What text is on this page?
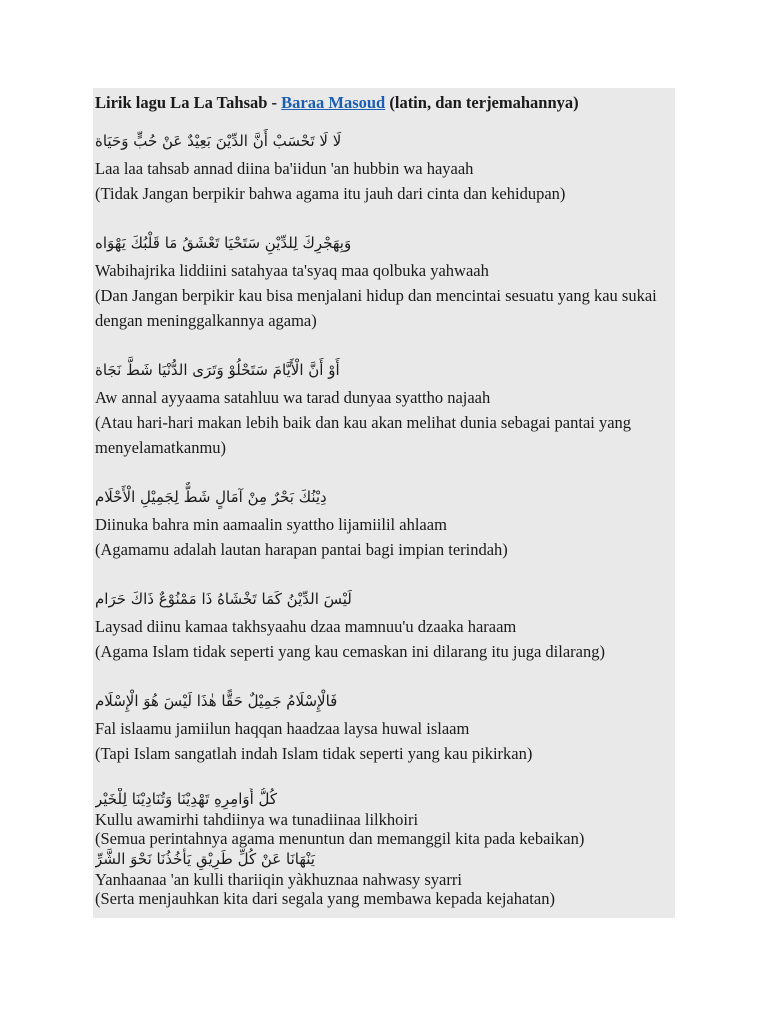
Lirik lagu La La Tahsab - Baraa Masoud (latin, dan terjemahannya)
لَا لَا تَحْسَبْ أَنَّ الدِّيْنَ بَعِيْدٌ عَنْ حُبٍّ وَحَيَاة
Laa laa tahsab annad diina ba'iidun 'an hubbin wa hayaah
(Tidak Jangan berpikir bahwa agama itu jauh dari cinta dan kehidupan)
وَبِهَجْرِكَ لِلدِّيْنِ سَتَحْيَا تَعْشَقُ مَا قَلْبُكَ يَهْوَاه
Wabihajrika liddiini satahyaa ta'syaq maa qolbuka yahwaah
(Dan Jangan berpikir kau bisa menjalani hidup dan mencintai sesuatu yang kau sukai dengan meninggalkannya agama)
أَوْ أَنَّ الْأَيَّامَ سَتَحْلُوْ وَتَرَى الدُّنْيَا شَطَّ نَجَاة
Aw annal ayyaama satahluu wa tarad dunyaa syattho najaah
(Atau hari-hari makan lebih baik dan kau akan melihat dunia sebagai pantai yang menyelamatkanmu)
دِيْنُكَ بَحْرٌ مِنْ آمَالٍ شَطٌّ لِجَمِيْلِ الْأَحْلَام
Diinuka bahra min aamaalin syattho lijamiilil ahlaam
(Agamamu adalah lautan harapan pantai bagi impian terindah)
لَيْسَ الدِّيْنُ كَمَا تَخْشَاهُ ذَا مَمْنُوْعٌ ذَاكَ حَرَام
Laysad diinu kamaa takhsyaahu dzaa mamnuu'u dzaaka haraam
(Agama Islam tidak seperti yang kau cemaskan ini dilarang itu juga dilarang)
فَالْإِسْلَامُ جَمِيْلٌ حَقًّا هٰذَا لَيْسَ هُوَ الْإِسْلَام
Fal islaamu jamiilun haqqan haadzaa laysa huwal islaam
(Tapi Islam sangatlah indah Islam tidak seperti yang kau pikirkan)
كُلُّ أَوَامِرِهِ تَهْدِيْنَا وَتُنَادِيْنَا لِلْخَيْر
Kullu awamirhi tahdiinya wa tunadiinaa lilkhoiri
(Semua perintahnya agama menuntun dan memanggil kita pada kebaikan)
يَنْهَانَا عَنْ كُلِّ طَرِيْقٍ يَأْخُذُنَا نَحْوَ الشَّرِّ
Yanhaanaa 'an kulli thariiqin yàkhuznaa nahwasy syarri
(Serta menjauhkan kita dari segala yang membawa kepada kejahatan)
